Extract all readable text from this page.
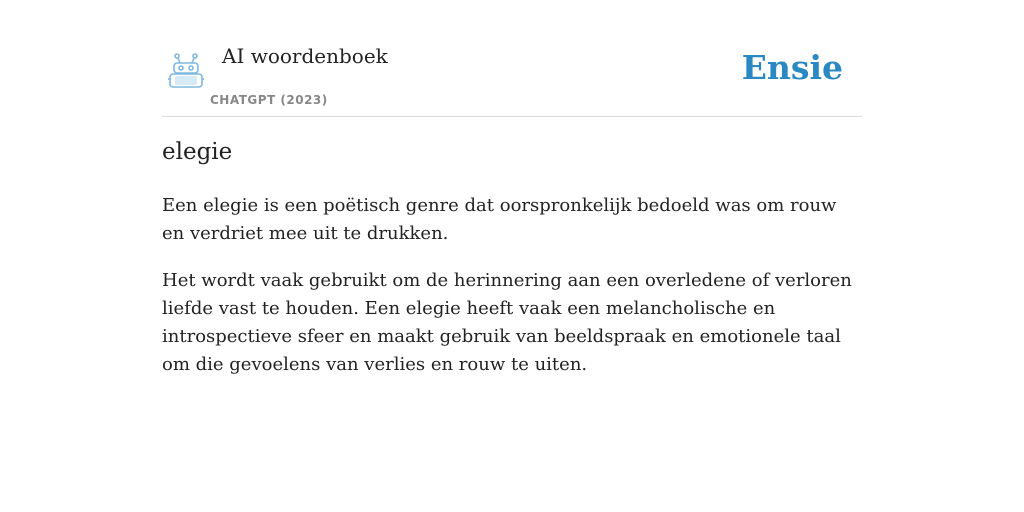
AI woordenboek
CHATGPT (2023)
Ensie
elegie

Een elegie is een poëtisch genre dat oorspronkelijk bedoeld was om rouw en verdriet mee uit te drukken.

Het wordt vaak gebruikt om de herinnering aan een overledene of verloren liefde vast te houden. Een elegie heeft vaak een melancholische en introspectieve sfeer en maakt gebruik van beeldspraak en emotionele taal om die gevoelens van verlies en rouw te uiten.
